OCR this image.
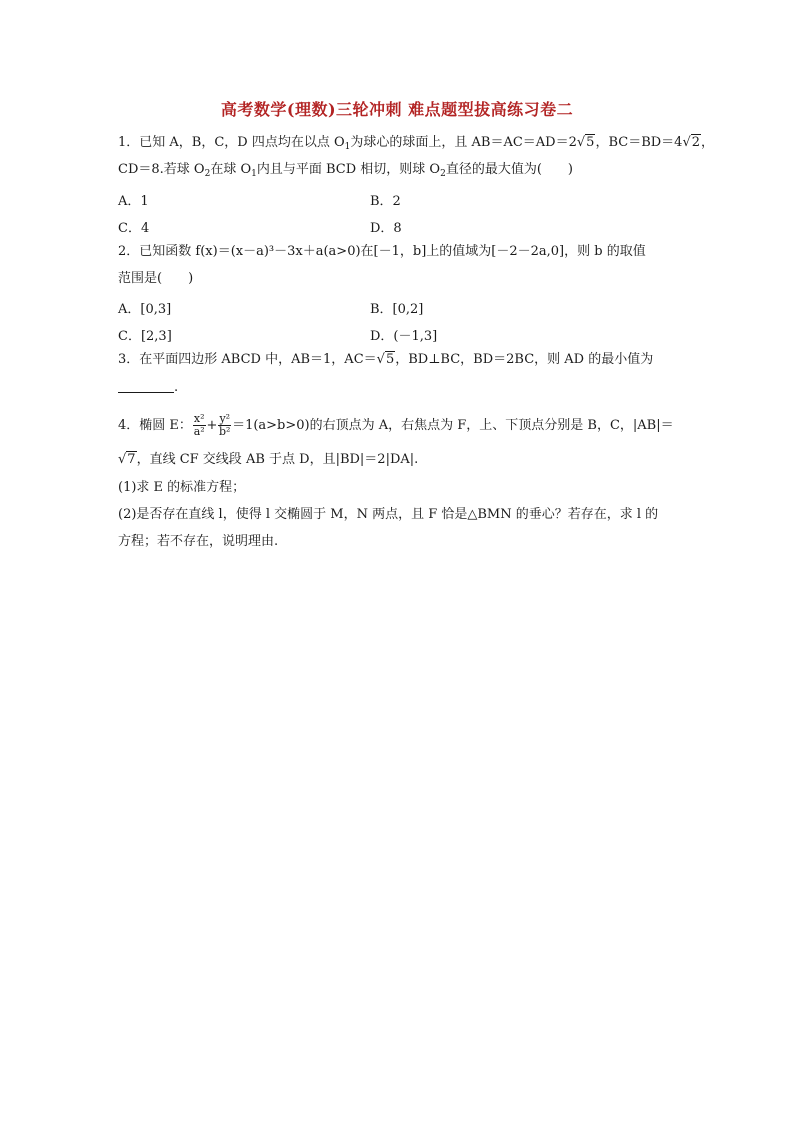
高考数学(理数)三轮冲刺 难点题型拔高练习卷二
1．已知 A，B，C，D 四点均在以点 $O_1$为球心的球面上，且 AB＝AC＝AD＝2√5，BC＝BD＝4√2，
CD＝8.若球 $O_2$在球 $O_1$内且与平面 BCD 相切，则球 $O_2$直径的最大值为(　　)
A．1	B．2
C．4	D．8
2．已知函数 f(x)＝(x－a)³－3x＋a(a>0)在[－1，b]上的值域为[－2－2a,0]，则 b 的取值
范围是(　　)
A．[0,3]	B．[0,2]
C．[2,3]	D．(－1,3]
3．在平面四边形 ABCD 中，AB＝1，AC＝√5，BD⊥BC，BD＝2BC，则 AD 的最小值为
.
4．椭圆 E： $\frac{\text{x²}}{\text{a²}} + \frac{\text{y²}}{\text{b²}} =1(a>b>0)$的右顶点为 A，右焦点为 F，上、下顶点分别是 B，C，|AB|＝
√7，直线 CF 交线段 AB 于点 D，且|BD|＝2|DA|.
(1)求 E 的标准方程；
(2)是否存在直线 l，使得 l 交椭圆于 M，N 两点，且 F 恰是△BMN 的垂心？若存在，求 l 的
方程；若不存在，说明理由.
